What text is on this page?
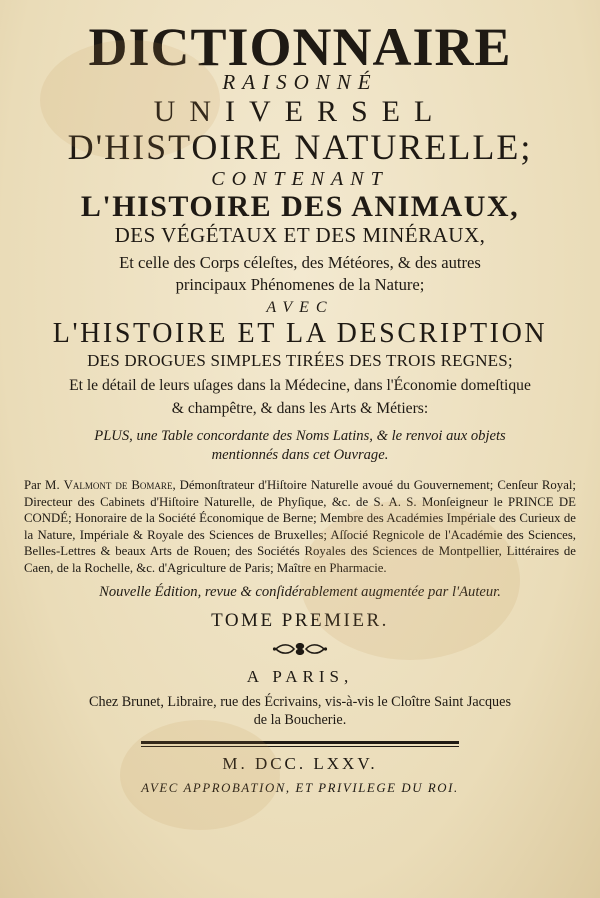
DICTIONNAIRE
RAISONNÉ
UNIVERSEL
D'HISTOIRE NATURELLE;
CONTENANT
L'HISTOIRE DES ANIMAUX,
DES VÉGÉTAUX ET DES MINÉRAUX,
Et celle des Corps céleſtes, des Météores, & des autres
principaux Phénomenes de la Nature;
AVEC
L'HISTOIRE ET LA DESCRIPTION
DES DROGUES SIMPLES TIRÉES DES TROIS REGNES;
Et le détail de leurs uſages dans la Médecine, dans l'Économie domeſtique
& champêtre, & dans les Arts & Métiers:
PLUS, une Table concordante des Noms Latins, & le renvoi aux objets
mentionnés dans cet Ouvrage.
Par M. Valmont de Bomare, Démonſtrateur d'Hiſtoire Naturelle avoué du Gouvernement; Cenſeur Royal; Directeur des Cabinets d'Hiſtoire Naturelle, de Phyſique, &c. de S. A. S. Monſeigneur le PRINCE DE CONDÉ; Honoraire de la Société Économique de Berne; Membre des Académies Impériale des Curieux de la Nature, Impériale & Royale des Sciences de Bruxelles; Aſſocié Regnicole de l'Académie des Sciences, Belles-Lettres & beaux Arts de Rouen; des Sociétés Royales des Sciences de Montpellier, Littéraires de Caen, de la Rochelle, &c. d'Agriculture de Paris; Maître en Pharmacie.
Nouvelle Édition, revue & conſidérablement augmentée par l'Auteur.
TOME PREMIER.
A PARIS,
Chez Brunet, Libraire, rue des Écrivains, vis-à-vis le Cloître Saint Jacques
de la Boucherie.
M. DCC. LXXV.
AVEC APPROBATION, ET PRIVILEGE DU ROI.
